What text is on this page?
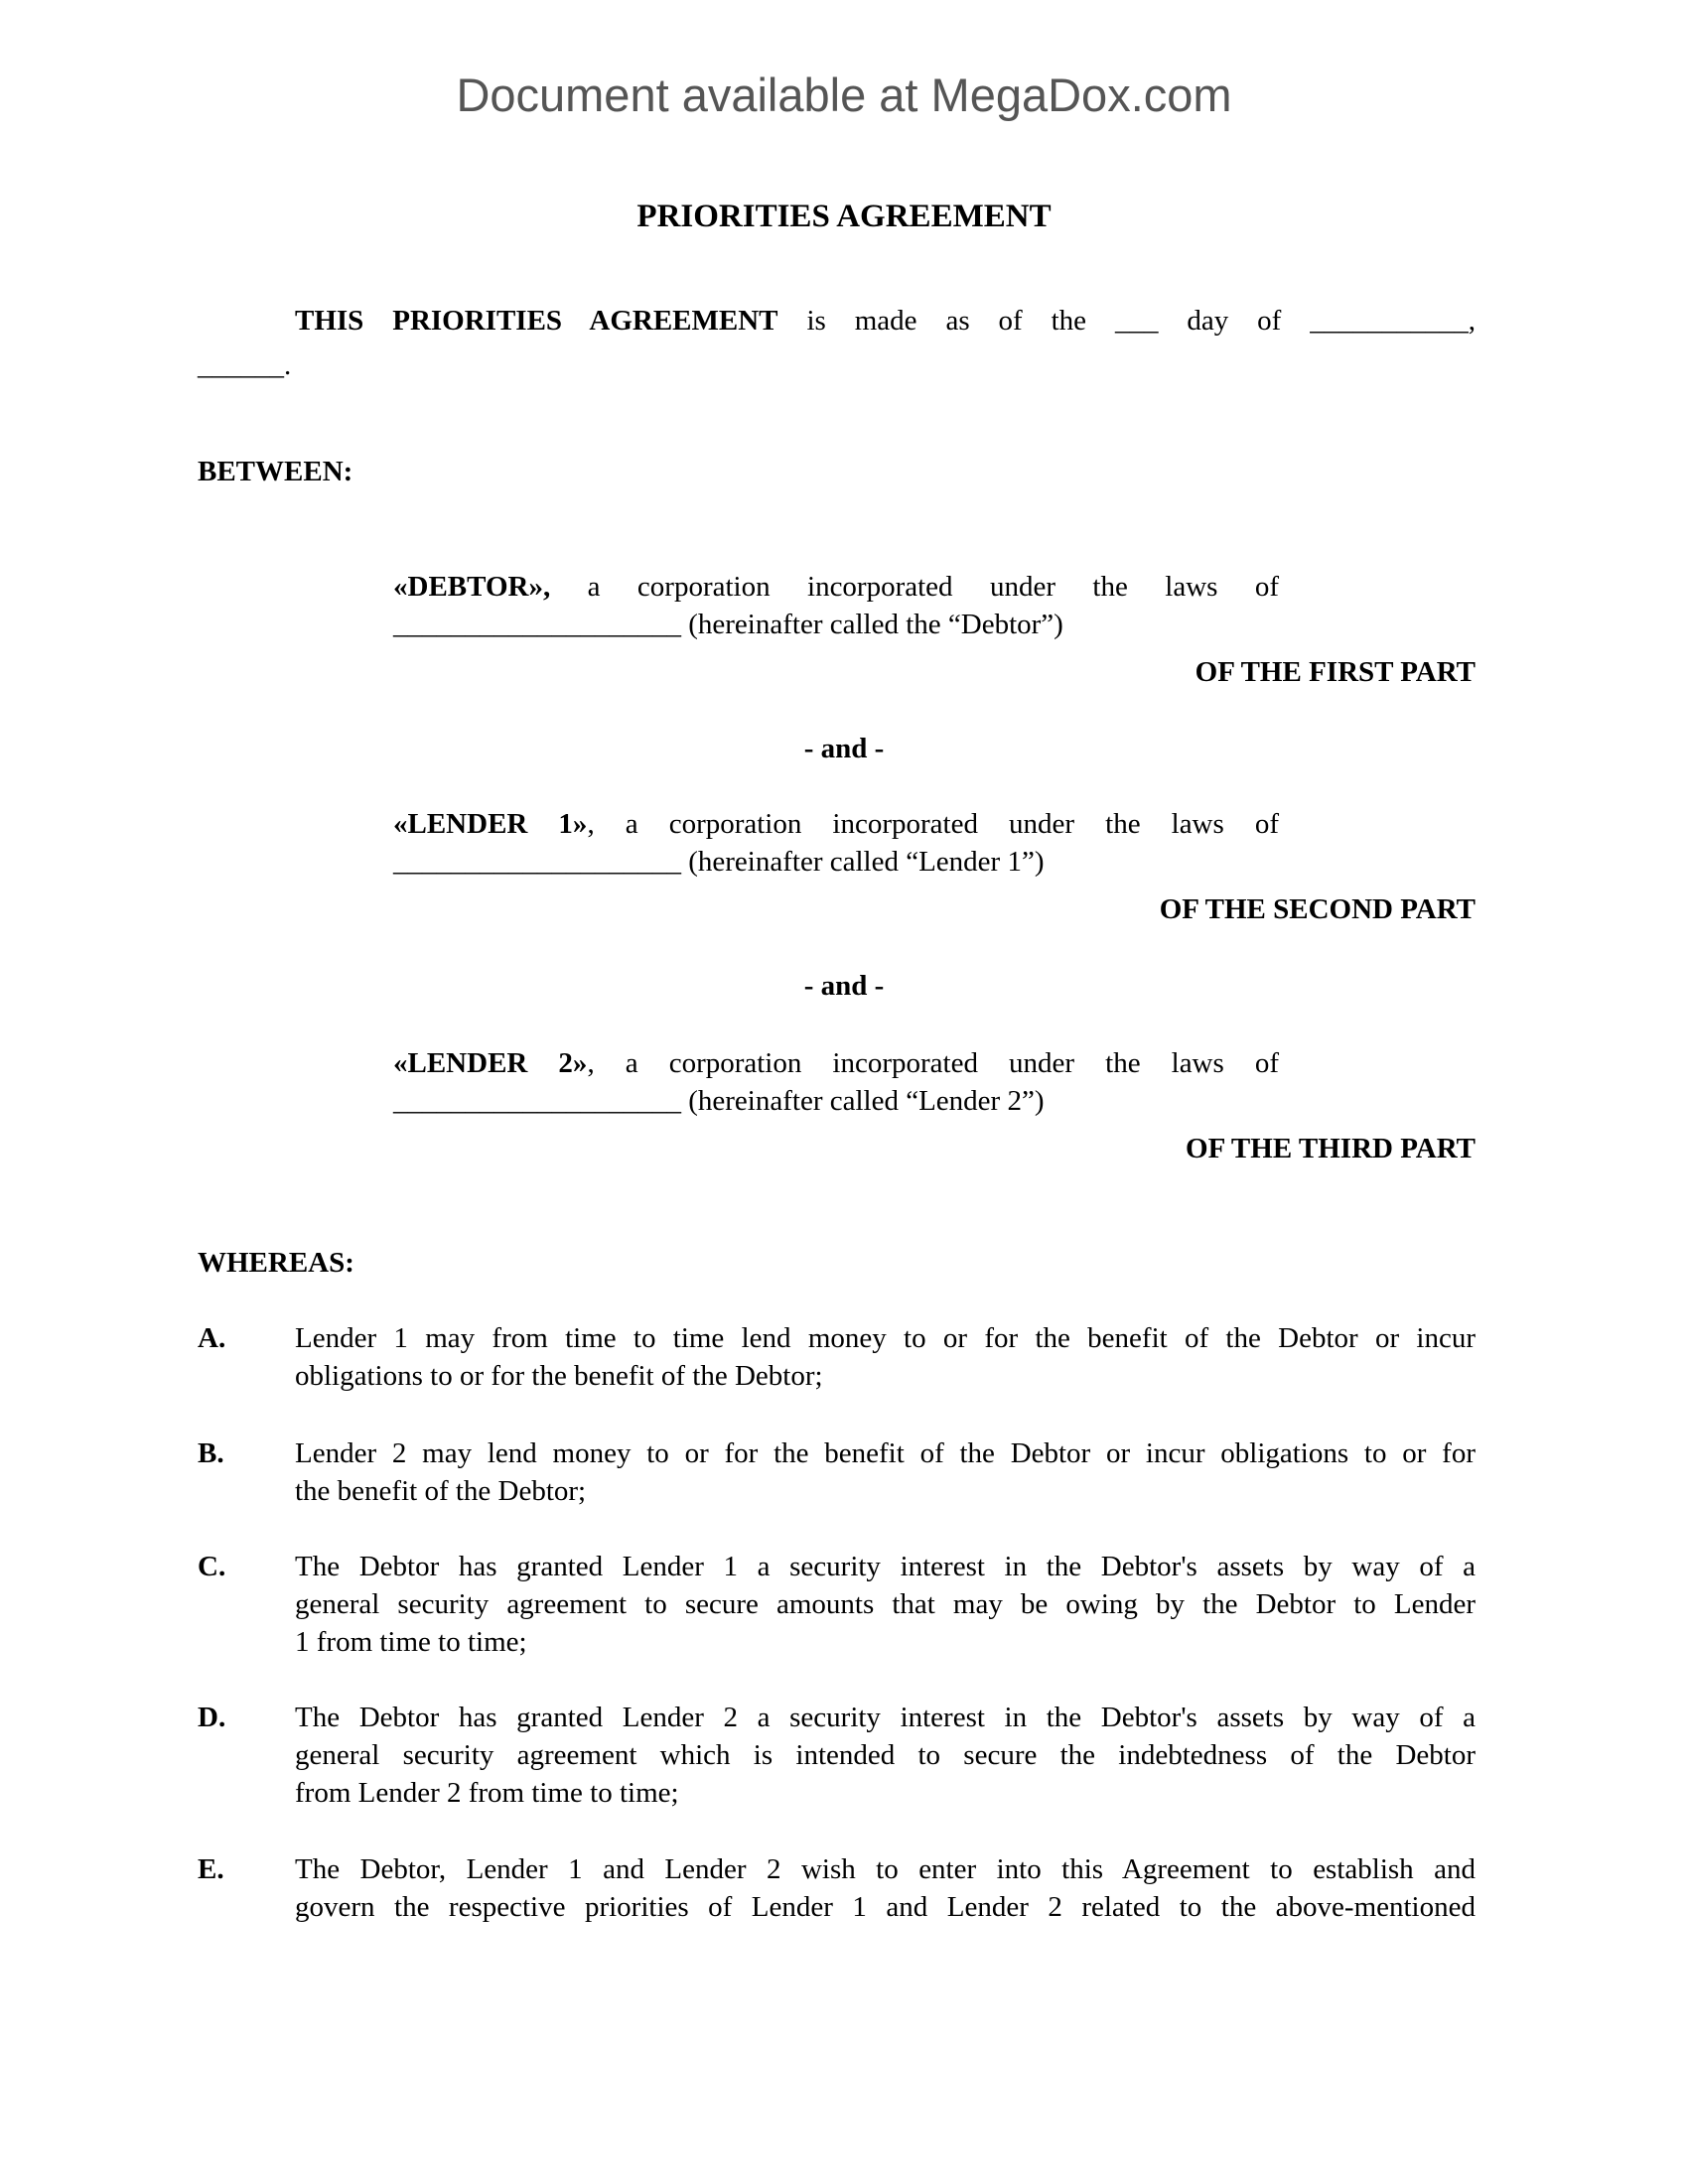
Document available at MegaDox.com
PRIORITIES AGREEMENT
THIS PRIORITIES AGREEMENT is made as of the ___ day of ___________,
______.
BETWEEN:
«DEBTOR», a corporation incorporated under the laws of
____________________ (hereinafter called the “Debtor”)
OF THE FIRST PART
- and -
«LENDER 1», a corporation incorporated under the laws of
____________________ (hereinafter called “Lender 1”)
OF THE SECOND PART
- and -
«LENDER 2», a corporation incorporated under the laws of
____________________ (hereinafter called “Lender 2”)
OF THE THIRD PART
WHEREAS:
A. Lender 1 may from time to time lend money to or for the benefit of the Debtor or incur
obligations to or for the benefit of the Debtor;
B. Lender 2 may lend money to or for the benefit of the Debtor or incur obligations to or for
the benefit of the Debtor;
C. The Debtor has granted Lender 1 a security interest in the Debtor's assets by way of a
general security agreement to secure amounts that may be owing by the Debtor to Lender
1 from time to time;
D. The Debtor has granted Lender 2 a security interest in the Debtor's assets by way of a
general security agreement which is intended to secure the indebtedness of the Debtor
from Lender 2 from time to time;
E. The Debtor, Lender 1 and Lender 2 wish to enter into this Agreement to establish and
govern the respective priorities of Lender 1 and Lender 2 related to the above-mentioned
